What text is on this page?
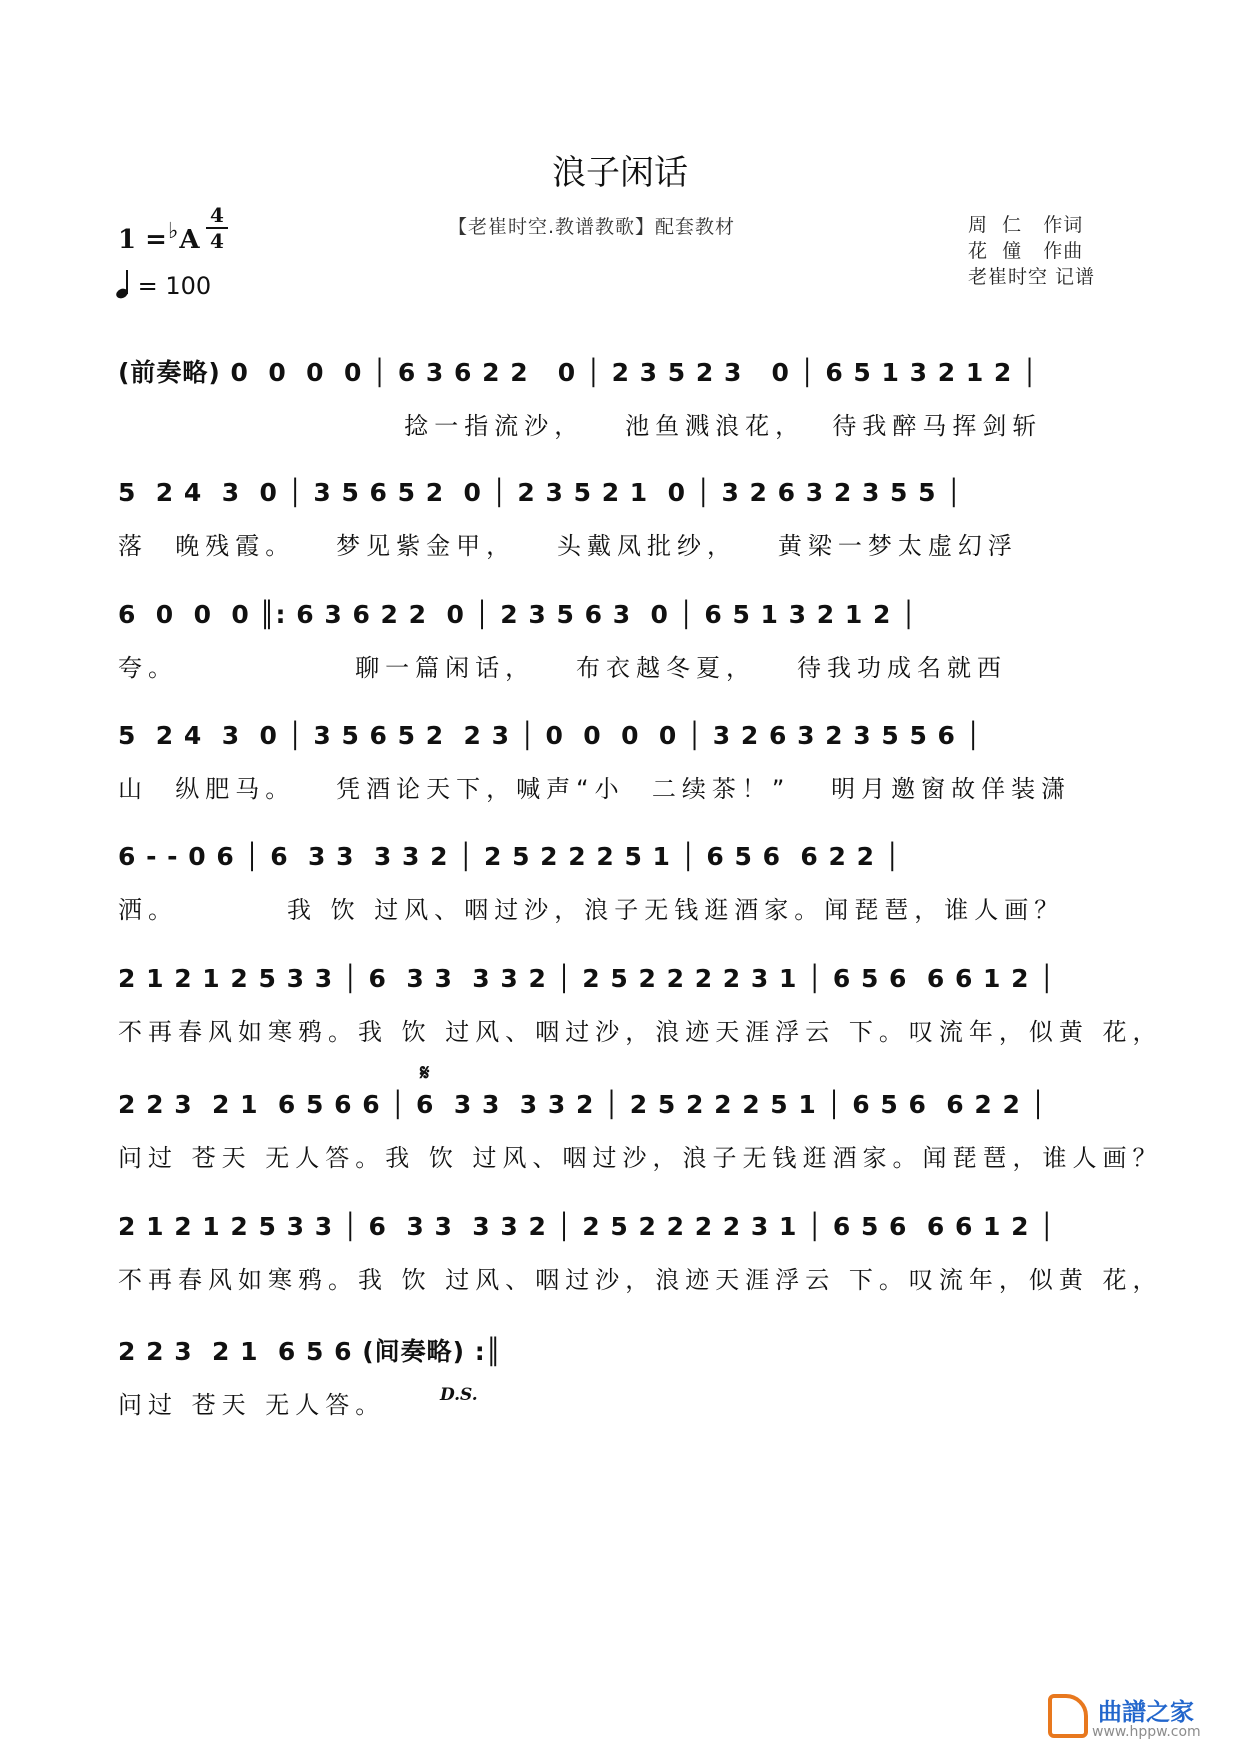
浪子闲话
1 =♭A
4
4
= 100
【老崔时空.教谱教歌】配套教材	周  仁   作词
花  僮   作曲
老崔时空 记谱
(前奏略) 0  0  0  0 │ 6 3 6 2 2   0 │ 2 3 5 2 3   0 │ 6 5 1 3 2 1 2 │
捻一指流沙，   池鱼溅浪花，  待我醉马挥剑斩
5  2 4  3  0 │ 3 5 6 5 2  0 │ 2 3 5 2 1  0 │ 3 2 6 3 2 3 5 5 │
落  晚残霞。   梦见紫金甲，   头戴凤批纱，   黄梁一梦太虚幻浮
6  0  0  0 ║: 6 3 6 2 2  0 │ 2 3 5 6 3  0 │ 6 5 1 3 2 1 2 │
夸。             聊一篇闲话，   布衣越冬夏，   待我功成名就西
5  2 4  3  0 │ 3 5 6 5 2  2 3 │ 0  0  0  0 │ 3 2 6 3 2 3 5 5 6 │
山  纵肥马。   凭酒论天下，喊声“小  二续茶！”   明月邀窗故佯装潇
6 - - 0 6 │ 6  3 3  3 3 2 │ 2 5 2 2 2 5 1 │ 6 5 6  6 2 2 │
洒。        我 饮 过风、咽过沙，浪子无钱逛酒家。闻琵琶，谁人画？
2 1 2 1 2 5 3 3 │ 6  3 3  3 3 2 │ 2 5 2 2 2 2 3 1 │ 6 5 6  6 6 1 2 │
不再春风如寒鸦。我 饮 过风、咽过沙，浪迹天涯浮云 下。叹流年，似黄 花，
𝄋
2 2 3  2 1  6 5 6 6 │ 6  3 3  3 3 2 │ 2 5 2 2 2 5 1 │ 6 5 6  6 2 2 │
问过 苍天 无人答。我 饮 过风、咽过沙，浪子无钱逛酒家。闻琵琶，谁人画？
2 1 2 1 2 5 3 3 │ 6  3 3  3 3 2 │ 2 5 2 2 2 2 3 1 │ 6 5 6  6 6 1 2 │
不再春风如寒鸦。我 饮 过风、咽过沙，浪迹天涯浮云 下。叹流年，似黄 花，
2 2 3  2 1  6 5 6 (间奏略) :║
问过 苍天 无人答。	D.S.
曲譜之家
www.hppw.com
